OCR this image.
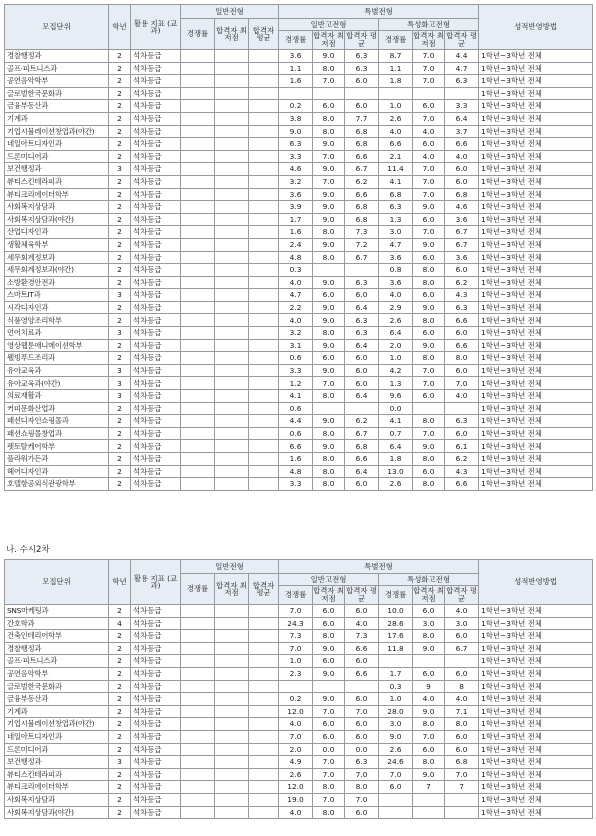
모집단위	학년	활용 지표 (교과)	일반전형			특별전형						성적반영방법
			경쟁률	합격자 최저점	합격자 평균	일반고전형			특성화고전형			
						경쟁률	합격자 최저점	합격자 평균	경쟁률	합격자 최저점	합격자 평균	
경찰행정과	2	석차등급				3.6	9.0	6.3	8.7	7.0	4.4	1학년~3학년 전체
골프·피트니스과	2	석차등급				1.1	8.0	6.3	1.1	7.0	4.7	1학년~3학년 전체
공연음악학부	2	석차등급				1.6	7.0	6.0	1.8	7.0	6.3	1학년~3학년 전체
글로벌한국문화과	2	석차등급										1학년~3학년 전체
금융부동산과	2	석차등급				0.2	6.0	6.0	1.0	6.0	3.3	1학년~3학년 전체
기계과	2	석차등급				3.8	8.0	7.7	2.6	7.0	6.4	1학년~3학년 전체
기업시뮬레이션창업과(야간)	2	석차등급				9.0	8.0	6.8	4.0	4.0	3.7	1학년~3학년 전체
네일아트디자인과	2	석차등급				6.3	9.0	6.8	6.6	6.0	6.6	1학년~3학년 전체
드론미디어과	2	석차등급				3.3	7.0	6.6	2.1	4.0	4.0	1학년~3학년 전체
보건행정과	3	석차등급				4.6	9.0	6.7	11.4	7.0	6.0	1학년~3학년 전체
뷰티스킨테라피과	2	석차등급				3.2	7.0	6.2	4.1	7.0	6.0	1학년~3학년 전체
뷰티크리에이터학부	2	석차등급				3.6	9.0	6.6	6.8	7.0	6.8	1학년~3학년 전체
사회복지상담과	2	석차등급				3.9	9.0	6.8	6.3	9.0	4.6	1학년~3학년 전체
사회복지상담과(야간)	2	석차등급				1.7	9.0	6.8	1.3	6.0	3.6	1학년~3학년 전체
산업디자인과	2	석차등급				1.6	8.0	7.3	3.0	7.0	6.7	1학년~3학년 전체
생활체육학부	2	석차등급				2.4	9.0	7.2	4.7	9.0	6.7	1학년~3학년 전체
세무회계정보과	2	석차등급				4.8	8.0	6.7	3.6	6.0	3.6	1학년~3학년 전체
세무회계정보과(야간)	2	석차등급				0.3			0.8	8.0	6.0	1학년~3학년 전체
소방환경안전과	2	석차등급				4.0	9.0	6.3	3.6	8.0	6.2	1학년~3학년 전체
스마트IT과	3	석차등급				4.7	6.0	6.0	4.0	6.0	4.3	1학년~3학년 전체
시각디자인과	2	석차등급				2.2	9.0	6.4	2.9	9.0	6.3	1학년~3학년 전체
식품영양조리학부	2	석차등급				4.0	9.0	6.3	2.6	8.0	6.6	1학년~3학년 전체
언어치료과	3	석차등급				3.2	8.0	6.3	6.4	6.0	6.0	1학년~3학년 전체
영상웹툰애니메이션학부	2	석차등급				3.1	9.0	6.4	2.0	9.0	6.6	1학년~3학년 전체
웰빙푸드조리과	2	석차등급				0.6	6.0	6.0	1.0	8.0	8.0	1학년~3학년 전체
유아교육과	3	석차등급				3.3	9.0	6.0	4.2	7.0	6.0	1학년~3학년 전체
유아교육과(야간)	3	석차등급				1.2	7.0	6.0	1.3	7.0	7.0	1학년~3학년 전체
의료재활과	3	석차등급				4.1	8.0	6.4	9.6	6.0	4.0	1학년~3학년 전체
커피문화산업과	2	석차등급				0.6			0.0			1학년~3학년 전체
패션디자인쇼핑몰과	2	석차등급				4.4	9.0	6.2	4.1	8.0	6.3	1학년~3학년 전체
패션쇼핑몰창업과	2	석차등급				0.6	8.0	6.7	0.7	7.0	6.0	1학년~3학년 전체
펫토탈케어학부	2	석차등급				6.6	9.0	6.8	6.4	9.0	6.1	1학년~3학년 전체
플라워가든과	2	석차등급				1.6	8.0	6.6	1.8	8.0	6.2	1학년~3학년 전체
헤어디자인과	2	석차등급				4.8	8.0	6.4	13.0	6.0	4.3	1학년~3학년 전체
호텔항공외식관광학부	2	석차등급				3.3	8.0	6.0	2.6	8.0	6.6	1학년~3학년 전체
나. 수시2차
모집단위	학년	활용 지표 (교과)	일반전형			특별전형						성적반영방법
			경쟁률	합격자 최저점	합격자 평균	일반고전형			특성화고전형			
						경쟁률	합격자 최저점	합격자 평균	경쟁률	합격자 최저점	합격자 평균	
SNS마케팅과	2	석차등급				7.0	6.0	6.0	10.0	6.0	4.0	1학년~3학년 전체
간호학과	4	석차등급				24.3	6.0	4.0	28.6	3.0	3.0	1학년~3학년 전체
건축인테리어학부	2	석차등급				7.3	8.0	7.3	17.6	8.0	6.0	1학년~3학년 전체
경찰행정과	2	석차등급				7.0	9.0	6.6	11.8	9.0	6.7	1학년~3학년 전체
골프·피트니스과	2	석차등급				1.0	6.0	6.0				1학년~3학년 전체
공연음악학부	2	석차등급				2.3	9.0	6.6	1.7	6.0	6.0	1학년~3학년 전체
글로벌한국문화과	2	석차등급							0.3	9	8	1학년~3학년 전체
금융부동산과	2	석차등급				0.2	9.0	6.0	1.0	4.0	4.0	1학년~3학년 전체
기계과	2	석차등급				12.0	7.0	7.0	28.0	9.0	7.1	1학년~3학년 전체
기업시뮬레이션창업과(야간)	2	석차등급				4.0	6.0	6.0	3.0	8.0	8.0	1학년~3학년 전체
네일아트디자인과	2	석차등급				7.0	6.0	6.0	9.0	7.0	6.0	1학년~3학년 전체
드론미디어과	2	석차등급				2.0	0.0	0.0	2.6	6.0	6.0	1학년~3학년 전체
보건행정과	3	석차등급				4.9	7.0	6.3	24.6	8.0	6.8	1학년~3학년 전체
뷰티스킨테라피과	2	석차등급				2.6	7.0	7.0	7.0	9.0	7.0	1학년~3학년 전체
뷰티크리에이터학부	2	석차등급				12.0	8.0	8.0	6.0	7	7	1학년~3학년 전체
사회복지상담과	2	석차등급				19.0	7.0	7.0				1학년~3학년 전체
사회복지상담과(야간)	2	석차등급				4.0	8.0	6.0				1학년~3학년 전체
